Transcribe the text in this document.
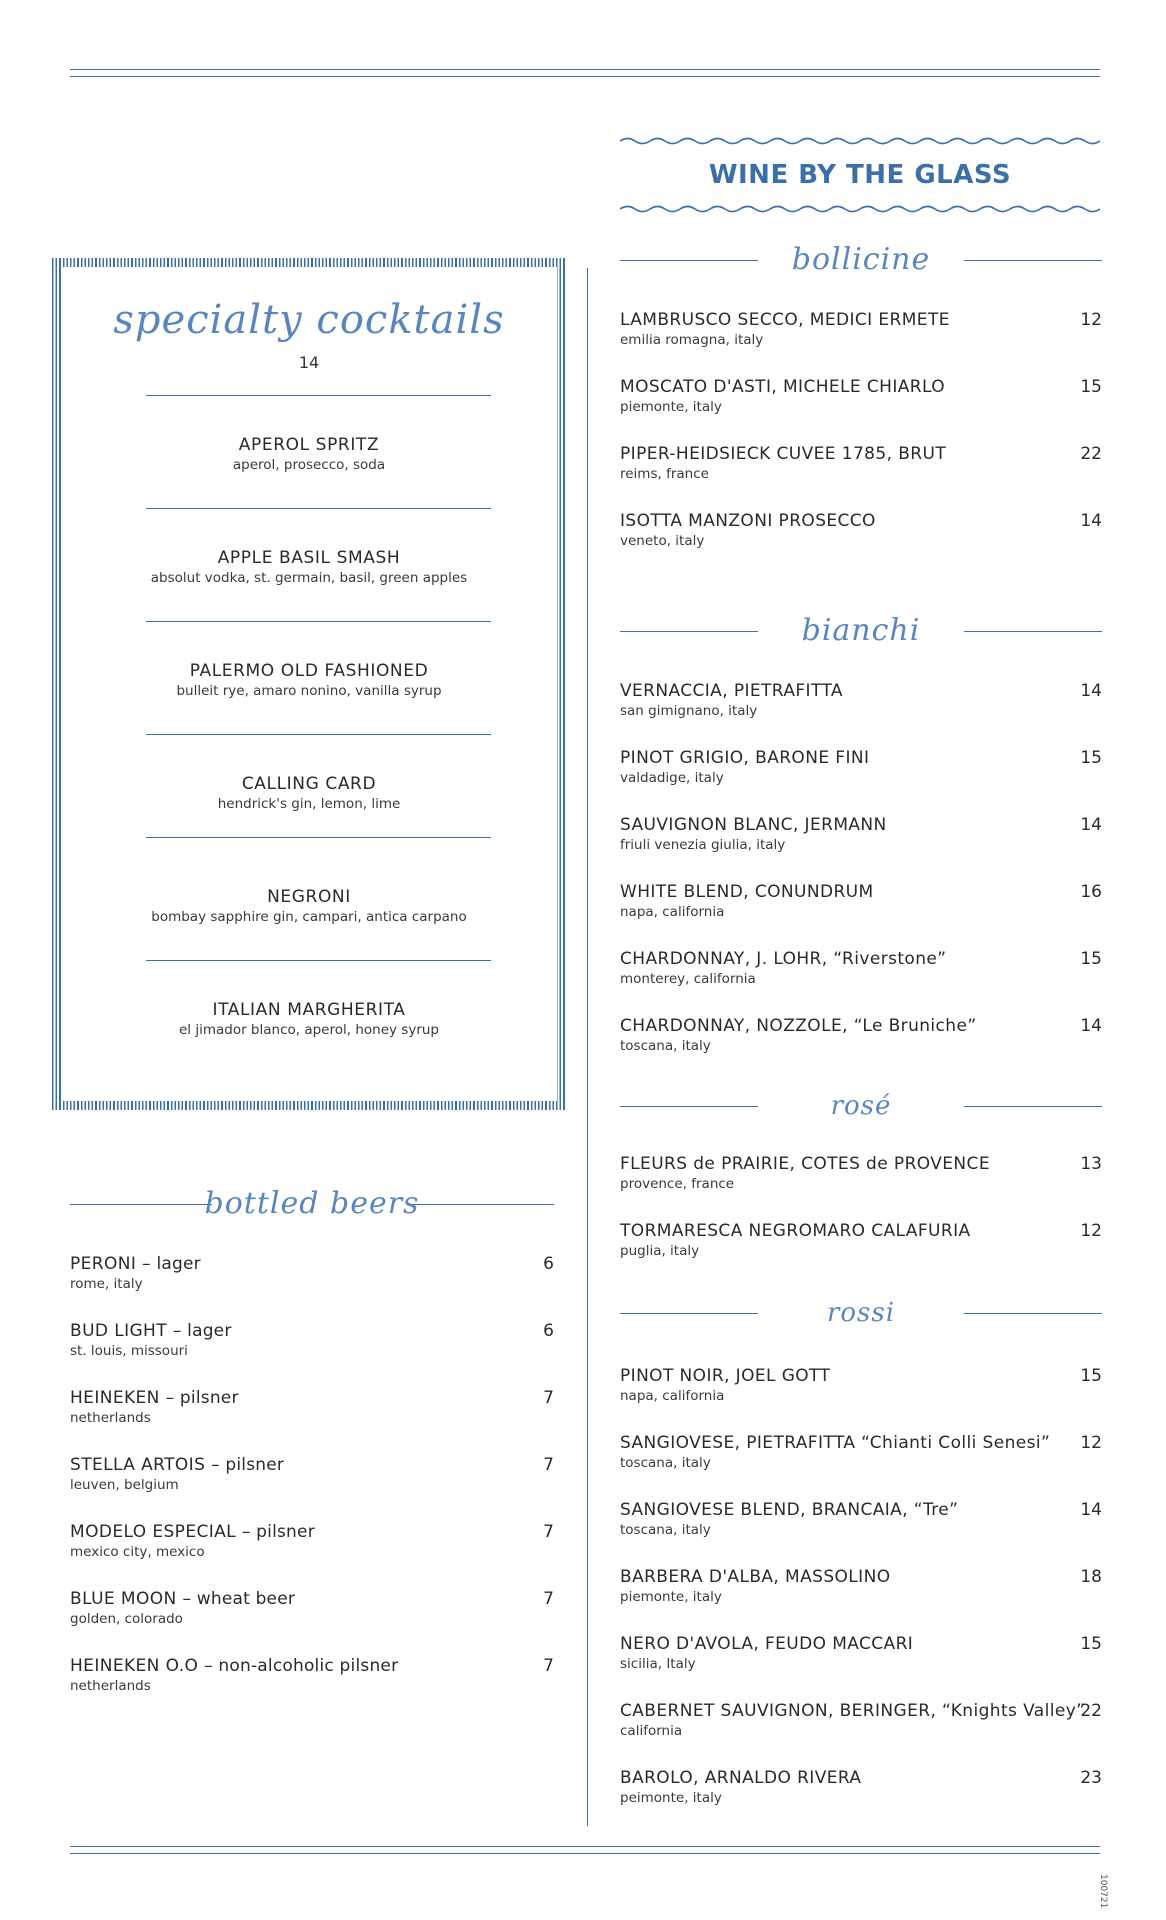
specialty cocktails
14
APEROL SPRITZ
aperol, prosecco, soda
APPLE BASIL SMASH
absolut vodka, st. germain, basil, green apples
PALERMO OLD FASHIONED
bulleit rye, amaro nonino, vanilla syrup
CALLING CARD
hendrick's gin, lemon, lime
NEGRONI
bombay sapphire gin, campari, antica carpano
ITALIAN MARGHERITA
el jimador blanco, aperol, honey syrup
bottled beers
PERONI – lager
rome, italy
6
BUD LIGHT – lager
st. louis, missouri
6
HEINEKEN – pilsner
netherlands
7
STELLA ARTOIS – pilsner
leuven, belgium
7
MODELO ESPECIAL – pilsner
mexico city, mexico
7
BLUE MOON – wheat beer
golden, colorado
7
HEINEKEN O.O – non-alcoholic pilsner
netherlands
7
WINE BY THE GLASS
bollicine
LAMBRUSCO SECCO, MEDICI ERMETE
emilia romagna, italy
12
MOSCATO D'ASTI, MICHELE CHIARLO
piemonte, italy
15
PIPER-HEIDSIECK CUVEE 1785, BRUT
reims, france
22
ISOTTA MANZONI PROSECCO
veneto, italy
14
bianchi
VERNACCIA, PIETRAFITTA
san gimignano, italy
14
PINOT GRIGIO, BARONE FINI
valdadige, italy
15
SAUVIGNON BLANC, JERMANN
friuli venezia giulia, italy
14
WHITE BLEND, CONUNDRUM
napa, california
16
CHARDONNAY, J. LOHR, “Riverstone”
monterey, california
15
CHARDONNAY, NOZZOLE, “Le Bruniche”
toscana, italy
14
rosé
FLEURS de PRAIRIE, COTES de PROVENCE
provence, france
13
TORMARESCA NEGROMARO CALAFURIA
puglia, italy
12
rossi
PINOT NOIR, JOEL GOTT
napa, california
15
SANGIOVESE, PIETRAFITTA “Chianti Colli Senesi”
toscana, italy
12
SANGIOVESE BLEND, BRANCAIA, “Tre”
toscana, italy
14
BARBERA D'ALBA, MASSOLINO
piemonte, italy
18
NERO D'AVOLA, FEUDO MACCARI
sicilia, Italy
15
CABERNET SAUVIGNON, BERINGER, “Knights Valley”
california
22
BAROLO, ARNALDO RIVERA
peimonte, italy
23
100721
